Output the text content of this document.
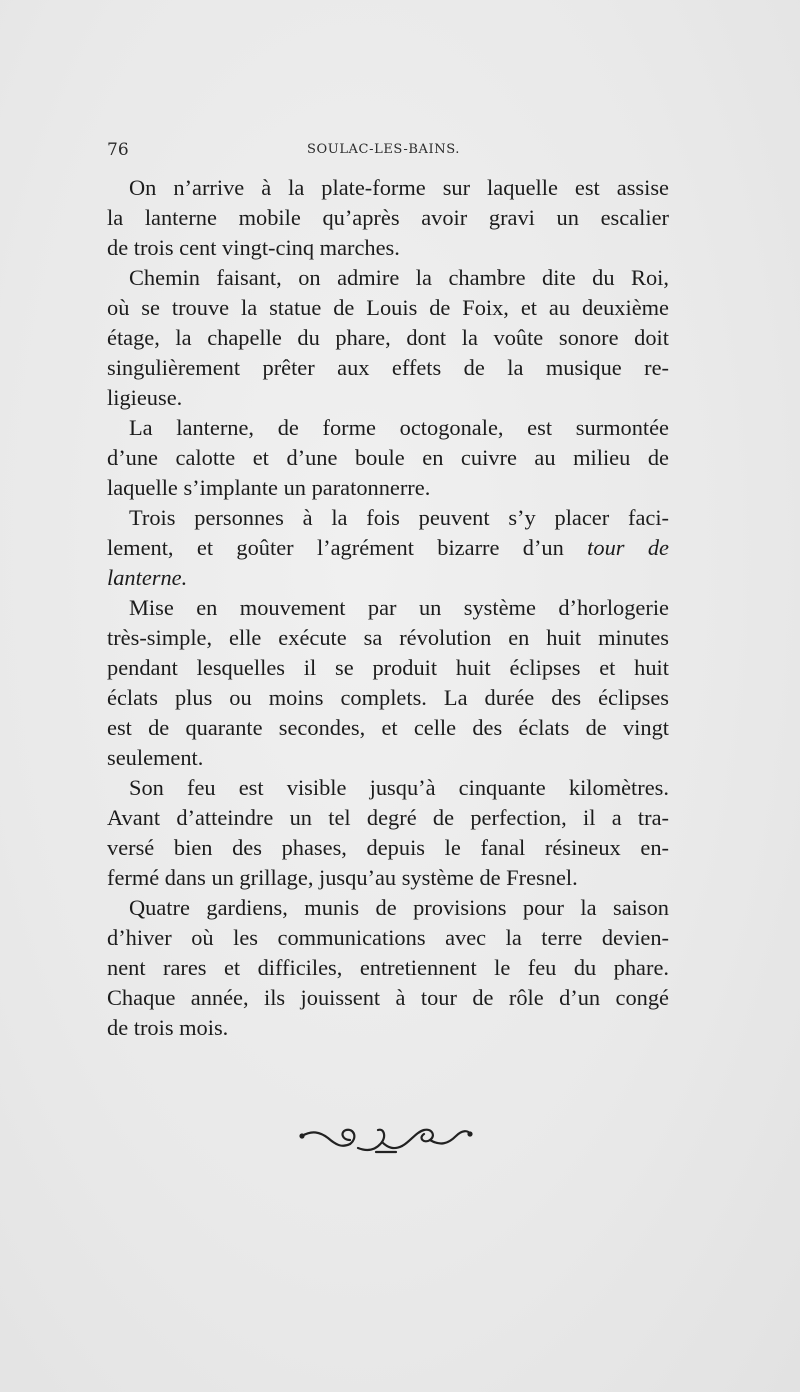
76	SOULAC-LES-BAINS.
On n’arrive à la plate-forme sur laquelle est assise
la lanterne mobile qu’après avoir gravi un escalier
de trois cent vingt-cinq marches.
Chemin faisant, on admire la chambre dite du Roi,
où se trouve la statue de Louis de Foix, et au deuxième
étage, la chapelle du phare, dont la voûte sonore doit
singulièrement prêter aux effets de la musique re-
ligieuse.
La lanterne, de forme octogonale, est surmontée
d’une calotte et d’une boule en cuivre au milieu de
laquelle s’implante un paratonnerre.
Trois personnes à la fois peuvent s’y placer faci-
lement, et goûter l’agrément bizarre d’un tour de
lanterne.
Mise en mouvement par un système d’horlogerie
très-simple, elle exécute sa révolution en huit minutes
pendant lesquelles il se produit huit éclipses et huit
éclats plus ou moins complets. La durée des éclipses
est de quarante secondes, et celle des éclats de vingt
seulement.
Son feu est visible jusqu’à cinquante kilomètres.
Avant d’atteindre un tel degré de perfection, il a tra-
versé bien des phases, depuis le fanal résineux en-
fermé dans un grillage, jusqu’au système de Fresnel.
Quatre gardiens, munis de provisions pour la saison
d’hiver où les communications avec la terre devien-
nent rares et difficiles, entretiennent le feu du phare.
Chaque année, ils jouissent à tour de rôle d’un congé
de trois mois.
